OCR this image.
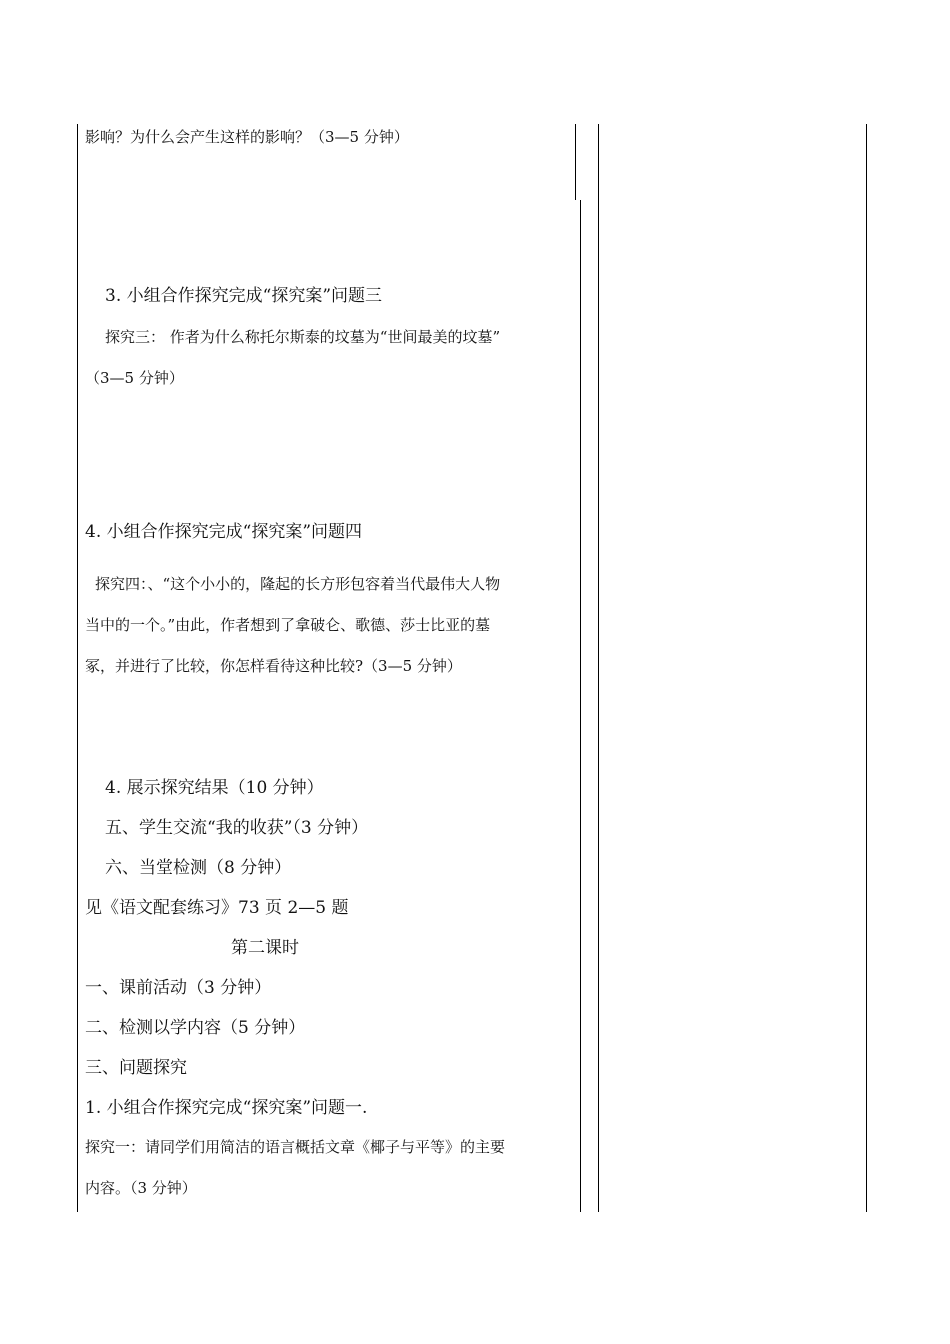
影响？为什么会产生这样的影响？（3—5 分钟）
3. 小组合作探究完成“探究案”问题三
探究三： 作者为什么称托尔斯泰的坟墓为“世间最美的坟墓”
（3—5 分钟）
4. 小组合作探究完成“探究案”问题四
探究四：、“这个小小的，隆起的长方形包容着当代最伟大人物
当中的一个。”由此，作者想到了拿破仑、歌德、莎士比亚的墓
冢，并进行了比较，你怎样看待这种比较?（3—5 分钟）
4. 展示探究结果（10 分钟）
五、学生交流“我的收获”（3 分钟）
六、当堂检测（8 分钟）
见《语文配套练习》73 页 2—5 题
第二课时
一、课前活动（3 分钟）
二、检测以学内容（5 分钟）
三、问题探究
1. 小组合作探究完成“探究案”问题一.
探究一：请同学们用简洁的语言概括文章《椰子与平等》的主要
内容。（3 分钟）
